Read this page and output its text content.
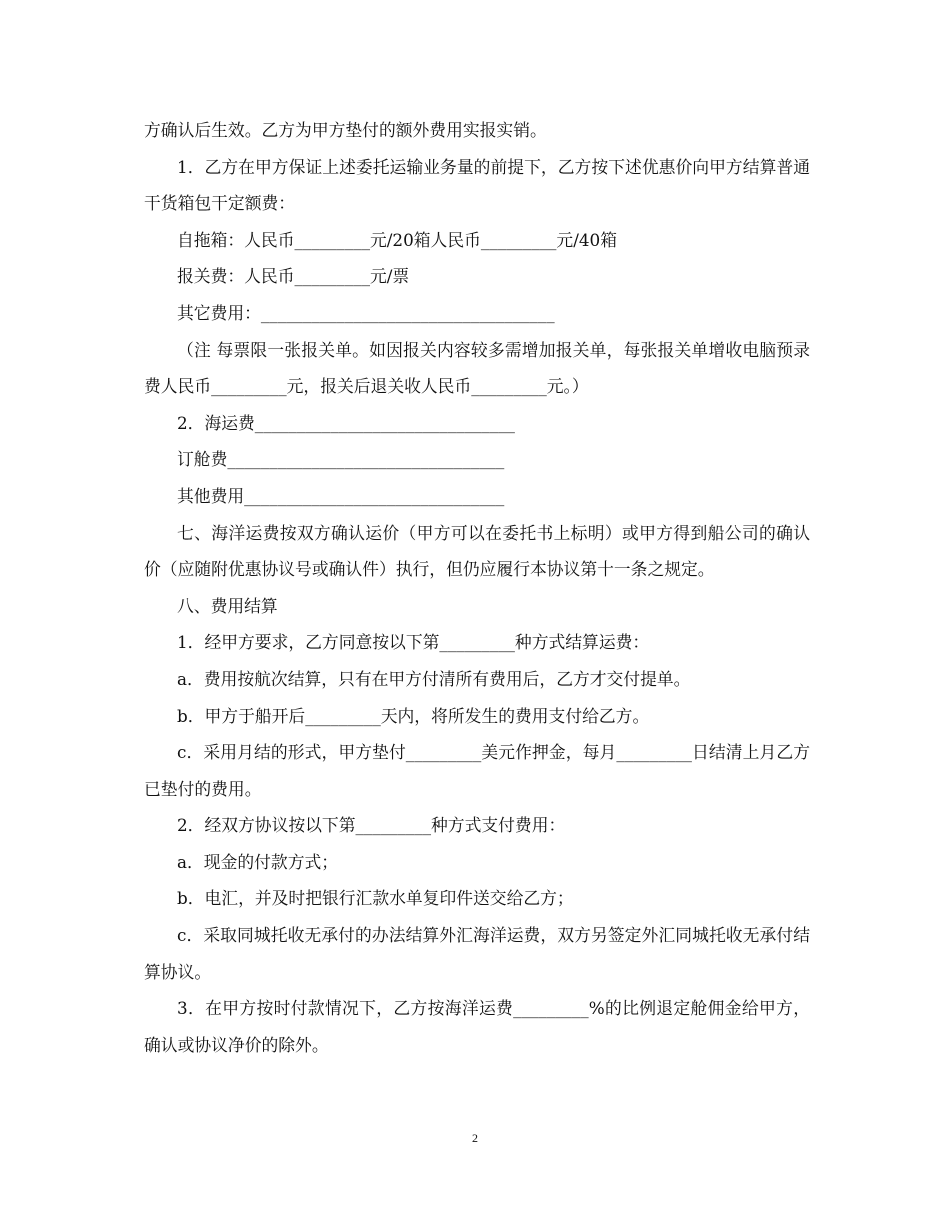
方确认后生效。乙方为甲方垫付的额外费用实报实销。

1．乙方在甲方保证上述委托运输业务量的前提下，乙方按下述优惠价向甲方结算普通干货箱包干定额费：

自拖箱：人民币_________元/20箱人民币_________元/40箱

报关费：人民币_________元/票

其它费用：___________________________________

（注 每票限一张报关单。如因报关内容较多需增加报关单，每张报关单增收电脑预录费人民币_________元，报关后退关收人民币_________元。）

2．海运费_______________________________

订舱费_________________________________

其他费用_______________________________

七、海洋运费按双方确认运价（甲方可以在委托书上标明）或甲方得到船公司的确认价（应随附优惠协议号或确认件）执行，但仍应履行本协议第十一条之规定。

八、费用结算

1．经甲方要求，乙方同意按以下第_________种方式结算运费：

a．费用按航次结算，只有在甲方付清所有费用后，乙方才交付提单。

b．甲方于船开后_________天内，将所发生的费用支付给乙方。

c．采用月结的形式，甲方垫付_________美元作押金，每月_________日结清上月乙方已垫付的费用。

2．经双方协议按以下第_________种方式支付费用：

a．现金的付款方式；

b．电汇，并及时把银行汇款水单复印件送交给乙方；

c．采取同城托收无承付的办法结算外汇海洋运费，双方另签定外汇同城托收无承付结算协议。

3．在甲方按时付款情况下，乙方按海洋运费_________%的比例退定舱佣金给甲方，确认或协议净价的除外。

2
